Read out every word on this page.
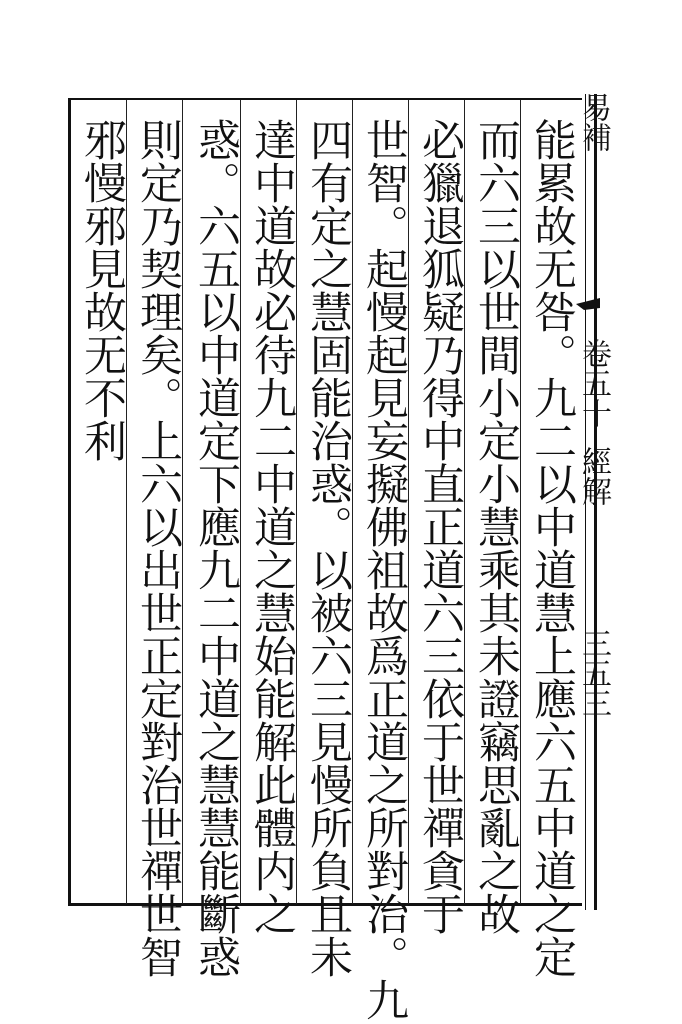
易補
卷五十經解
三五三
能累故无咎。九二以中道慧上應六五中道之定
而六三以世間小定小慧乘其未證竊思亂之故
必獵退狐疑乃得中直正道六三依于世禪貪于
世智。起慢起見妄擬佛祖故爲正道之所對治。九
四有定之慧固能治惑。以被六三見慢所負且未
達中道故必待九二中道之慧始能解此體内之
惑。六五以中道定下應九二中道之慧慧能斷惑
則定乃契理矣。上六以出世正定對治世禪世智
邪慢邪見故无不利
